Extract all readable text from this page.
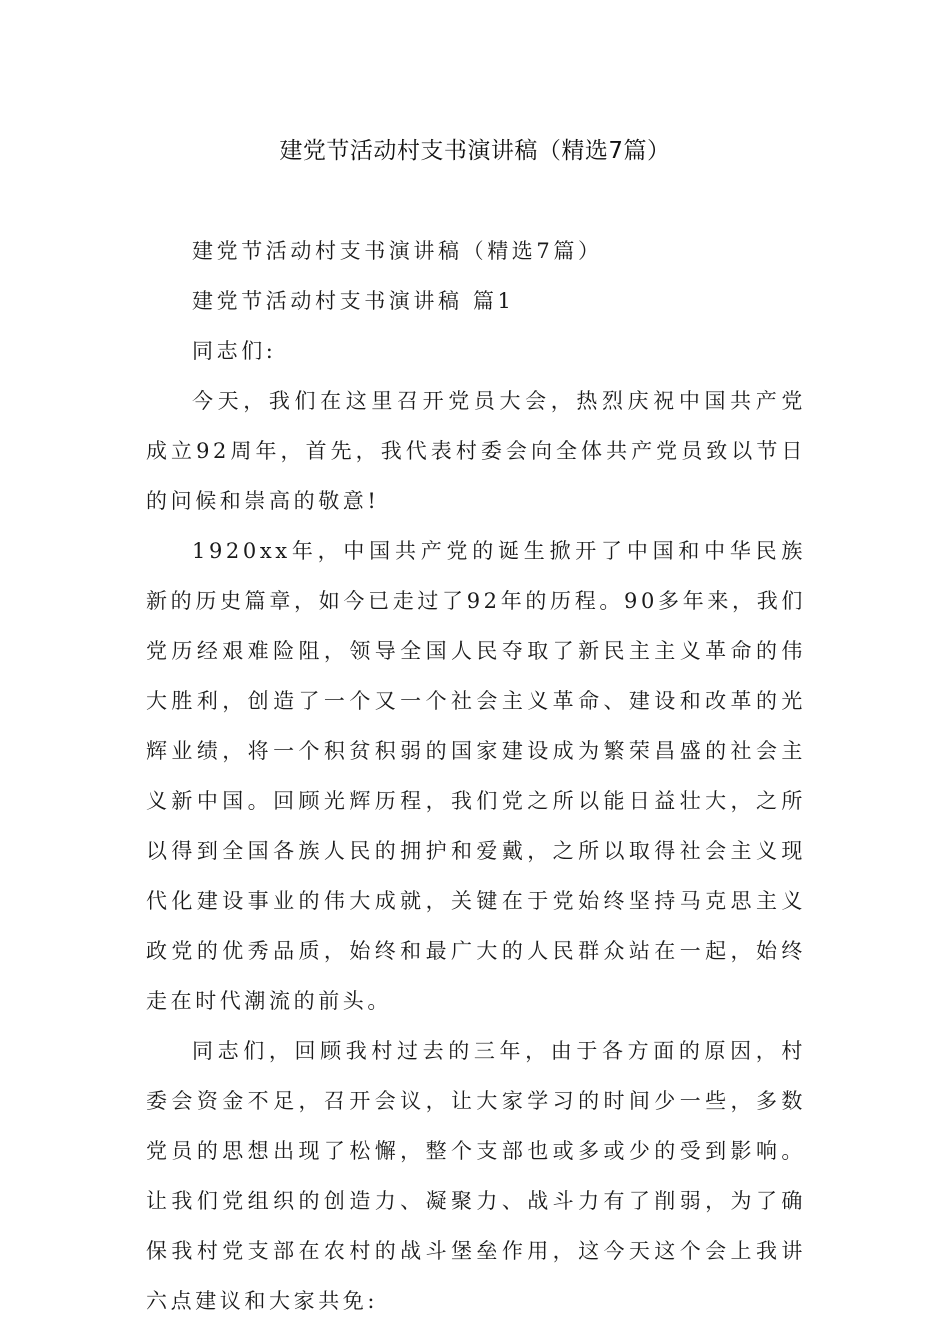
建党节活动村支书演讲稿（精选7篇）

建党节活动村支书演讲稿（精选7篇）

建党节活动村支书演讲稿 篇1

同志们:

今天，我们在这里召开党员大会，热烈庆祝中国共产党成立92周年，首先，我代表村委会向全体共产党员致以节日的问候和崇高的敬意!

1920xx年，中国共产党的诞生掀开了中国和中华民族新的历史篇章，如今已走过了92年的历程。90多年来，我们党历经艰难险阻，领导全国人民夺取了新民主主义革命的伟大胜利，创造了一个又一个社会主义革命、建设和改革的光辉业绩，将一个积贫积弱的国家建设成为繁荣昌盛的社会主义新中国。回顾光辉历程，我们党之所以能日益壮大，之所以得到全国各族人民的拥护和爱戴，之所以取得社会主义现代化建设事业的伟大成就，关键在于党始终坚持马克思主义政党的优秀品质，始终和最广大的人民群众站在一起，始终走在时代潮流的前头。

同志们，回顾我村过去的三年，由于各方面的原因，村委会资金不足，召开会议，让大家学习的时间少一些，多数党员的思想出现了松懈，整个支部也或多或少的受到影响。让我们党组织的创造力、凝聚力、战斗力有了削弱，为了确保我村党支部在农村的战斗堡垒作用，这今天这个会上我讲六点建议和大家共免:
